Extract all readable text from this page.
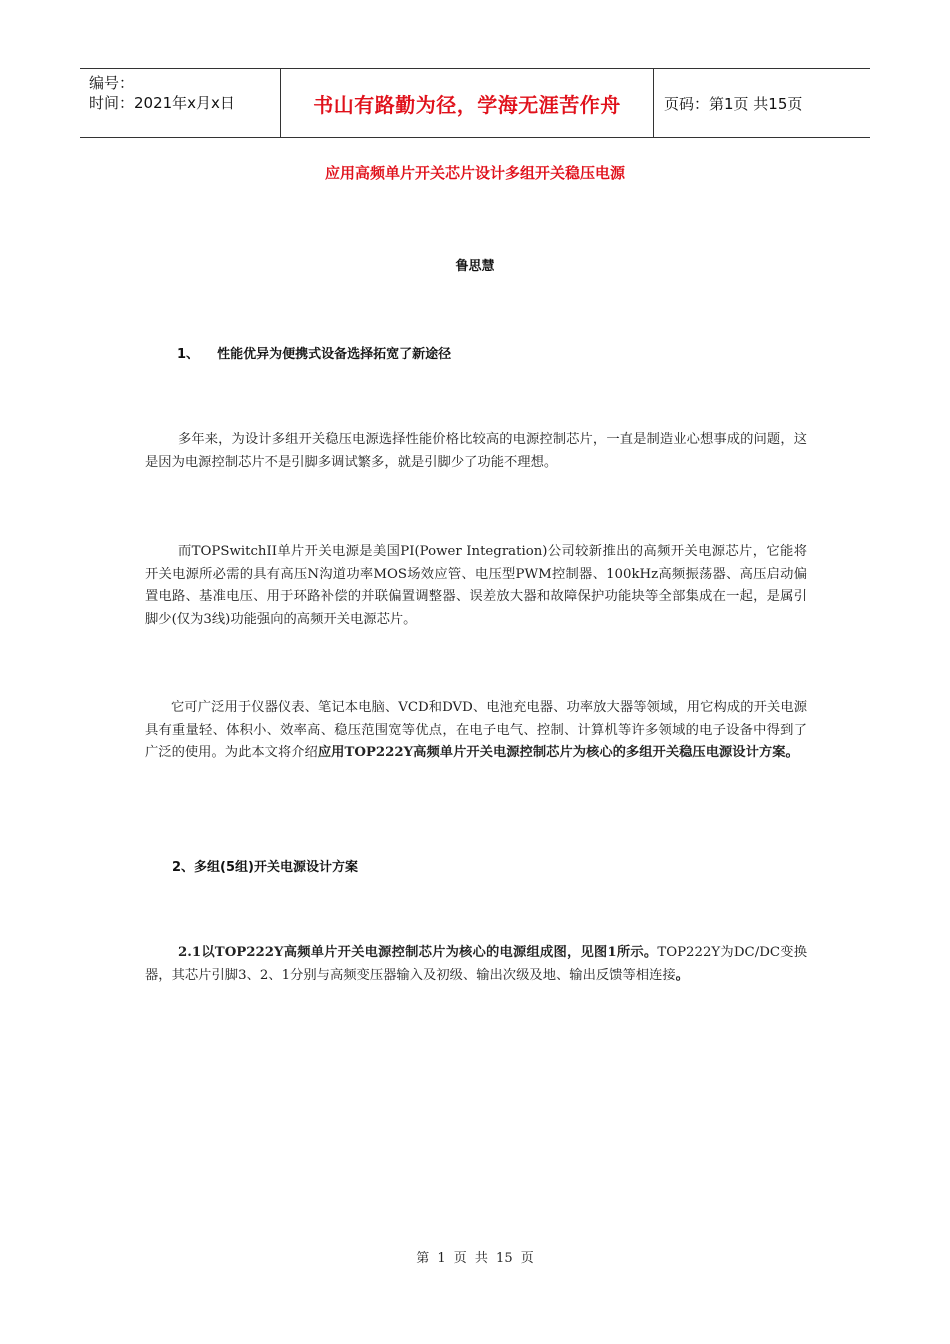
编号：
时间：2021年x月x日	书山有路勤为径，学海无涯苦作舟	页码：第1页 共15页
应用高频单片开关芯片设计多组开关稳压电源
鲁思慧
1、    性能优异为便携式设备选择拓宽了新途径
多年来，为设计多组开关稳压电源选择性能价格比较高的电源控制芯片，一直是制造业心想事成的问题，这是因为电源控制芯片不是引脚多调试繁多，就是引脚少了功能不理想。
而TOPSwitchII单片开关电源是美国PI(Power Integration)公司较新推出的高频开关电源芯片，它能将开关电源所必需的具有高压N沟道功率MOS场效应管、电压型PWM控制器、100kHz高频振荡器、高压启动偏置电路、基准电压、用于环路补偿的并联偏置调整器、误差放大器和故障保护功能块等全部集成在一起，是属引脚少(仅为3线)功能强向的高频开关电源芯片。
它可广泛用于仪器仪表、笔记本电脑、VCD和DVD、电池充电器、功率放大器等领域，用它构成的开关电源具有重量轻、体积小、效率高、稳压范围宽等优点，在电子电气、控制、计算机等许多领域的电子设备中得到了广泛的使用。为此本文将介绍应用TOP222Y高频单片开关电源控制芯片为核心的多组开关稳压电源设计方案。
2、多组(5组)开关电源设计方案
2.1以TOP222Y高频单片开关电源控制芯片为核心的电源组成图，见图1所示。TOP222Y为DC/DC变换器，其芯片引脚3、2、1分别与高频变压器输入及初级、输出次级及地、输出反馈等相连接。
第 1 页 共 15 页
